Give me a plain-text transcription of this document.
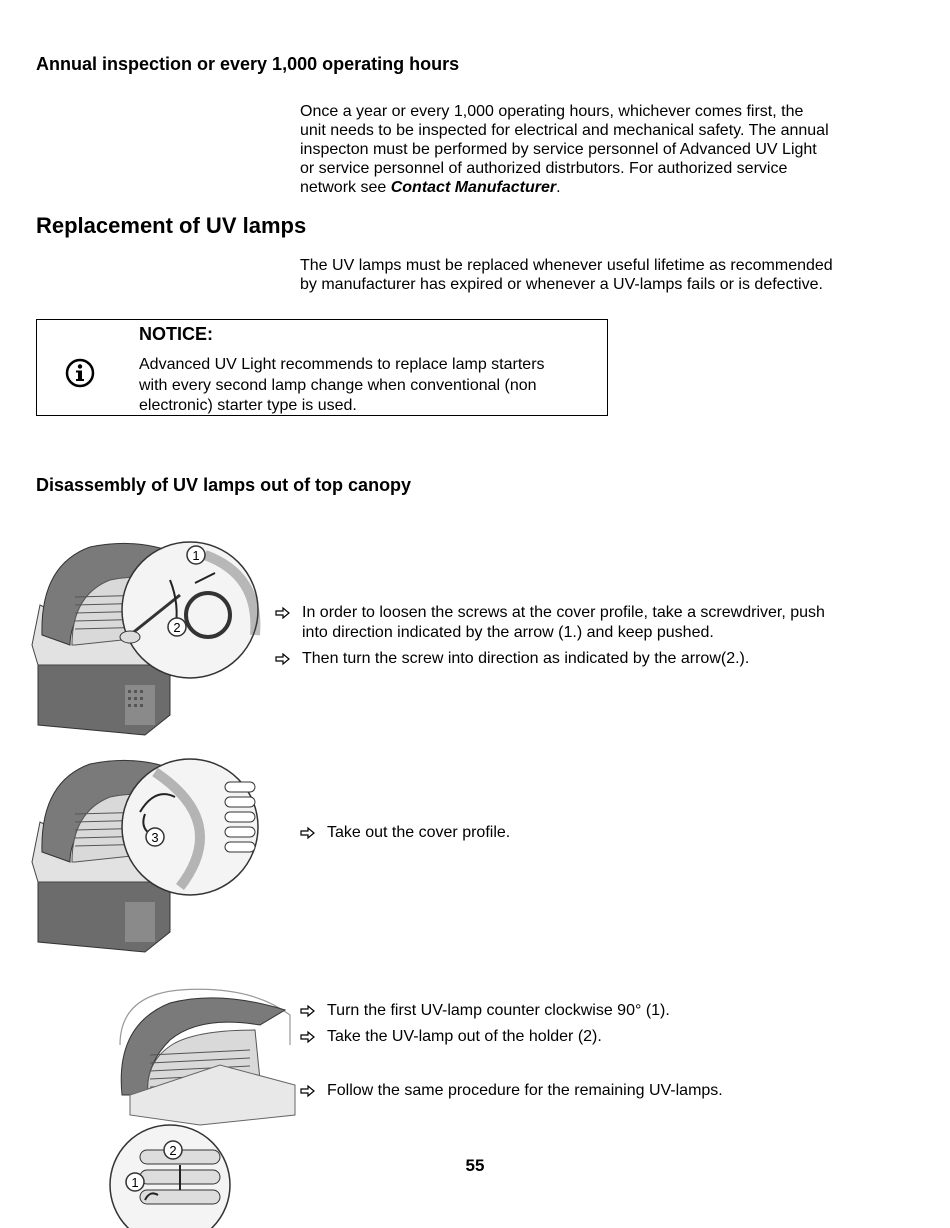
Annual inspection or every 1,000 operating hours

Once a year or every 1,000 operating hours, whichever comes first, the

unit needs to be inspected for electrical and mechanical safety. The annual

inspecton must be performed by service personnel of Advanced UV Light

or service personnel of authorized distrbutors. For authorized service

network see Contact Manufacturer.

Replacement of UV lamps

The UV lamps must be replaced whenever useful lifetime as recommended

by manufacturer has expired or whenever a UV-lamps fails or is defective.

NOTICE:
Advanced UV Light recommends to replace lamp starters
with every second lamp change when conventional (non
electronic) starter type is used.
Disassembly of UV lamps out of top canopy
1
2
In order to loosen the screws at the cover profile, take a screwdriver, push
into direction indicated by the arrow (1.) and keep pushed.
Then turn the screw into direction as indicated by the arrow(2.).
3	Take out the cover profile.
2
1
Turn the first UV-lamp counter clockwise 90° (1).
Take the UV-lamp out of the holder (2).
Follow the same procedure for the remaining UV-lamps.
55
